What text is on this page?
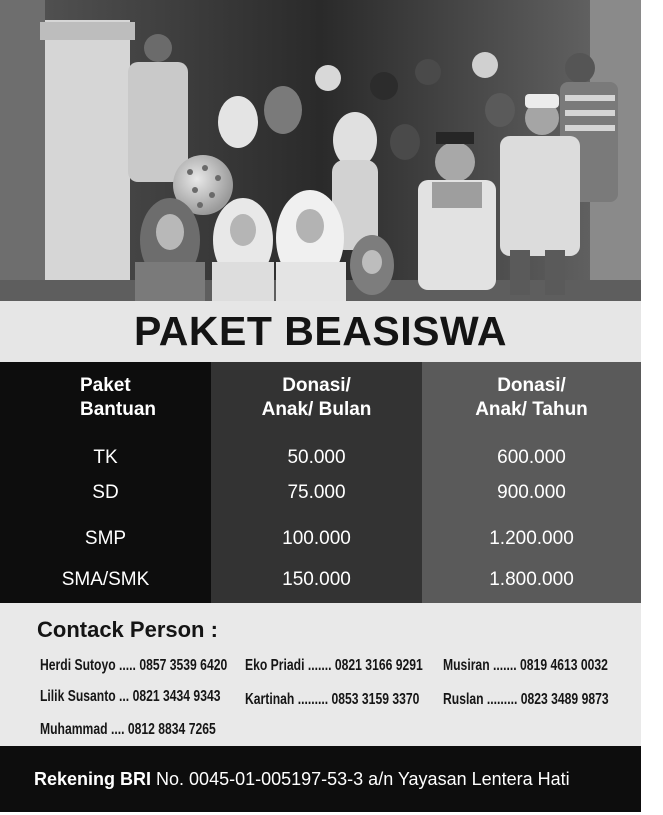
PAKET BEASISWA
Paket
Bantuan
TK
SD
SMP
SMA/SMK
Donasi/
Anak/ Bulan
50.000
75.000
100.000
150.000
Donasi/
Anak/ Tahun
600.000
900.000
1.200.000
1.800.000
Contack Person :
Herdi Sutoyo ..... 0857 3539 6420 Eko Priadi ....... 0821 3166 9291 Musiran ....... 0819 4613 0032
Lilik Susanto ... 0821 3434 9343 Kartinah ......... 0853 3159 3370 Ruslan ......... 0823 3489 9873
Muhammad .... 0812 8834 7265
Rekening BRI No. 0045-01-005197-53-3 a/n Yayasan Lentera Hati
